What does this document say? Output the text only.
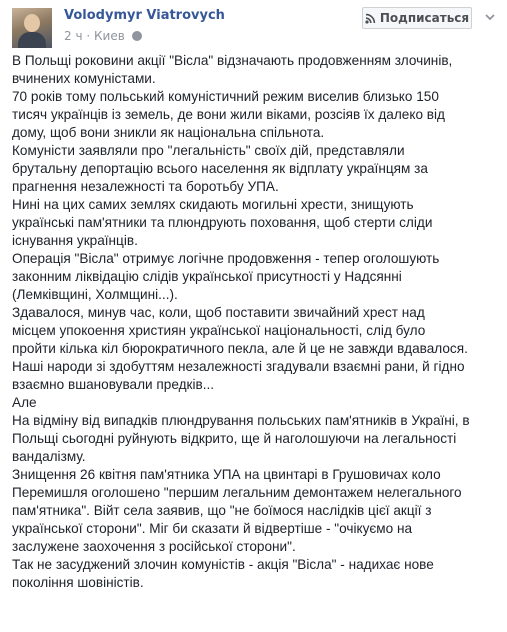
Volodymyr Viatrovych
2 ч · Киев
Подписаться

В Польщі роковини акції "Вісла" відзначають продовженням злочинів,
вчинених комуністами.

70 років тому польський комуністичний режим виселив близько 150
тисяч українців із земель, де вони жили віками, розсіяв їх далеко від
дому, щоб вони зникли як національна спільнота.

Комуністи заявляли про "легальність" своїх дій, представляли
брутальну депортацію всього населення як відплату українцям за
прагнення незалежності та боротьбу УПА.

Нині на цих самих землях скидають могильні хрести, знищують
українські пам'ятники та плюндрують поховання, щоб стерти сліди
існування українців.

Операція "Вісла" отримує логічне продовження - тепер оголошують
законним ліквідацію слідів української присутності у Надсянні
(Лемківщині, Холмщині...).

Здавалося, минув час, коли, щоб поставити звичайний хрест над
місцем упокоення християн української національності, слід було
пройти кілька кіл бюрократичного пекла, але й це не завжди вдавалося.

Наші народи зі здобуттям незалежності згадували взаємні рани, й гідно
взаємно вшановували предків...

Але

На відміну від випадків плюндрування польських пам'ятників в Україні, в
Польщі сьогодні руйнують відкрито, ще й наголошуючи на легальності
вандалізму.

Знищення 26 квітня пам'ятника УПА на цвинтарі в Грушовичах коло
Перемишля оголошено "першим легальним демонтажем нелегального
пам'ятника". Війт села заявив, що "не боїмося наслідків цієї акції з
української сторони". Міг би сказати й відвертіше - "очікуємо на
заслужене заохочення з російської сторони".

Так не засуджений злочин комуністів - акція "Вісла" - надихає нове
покоління шовіністів.
